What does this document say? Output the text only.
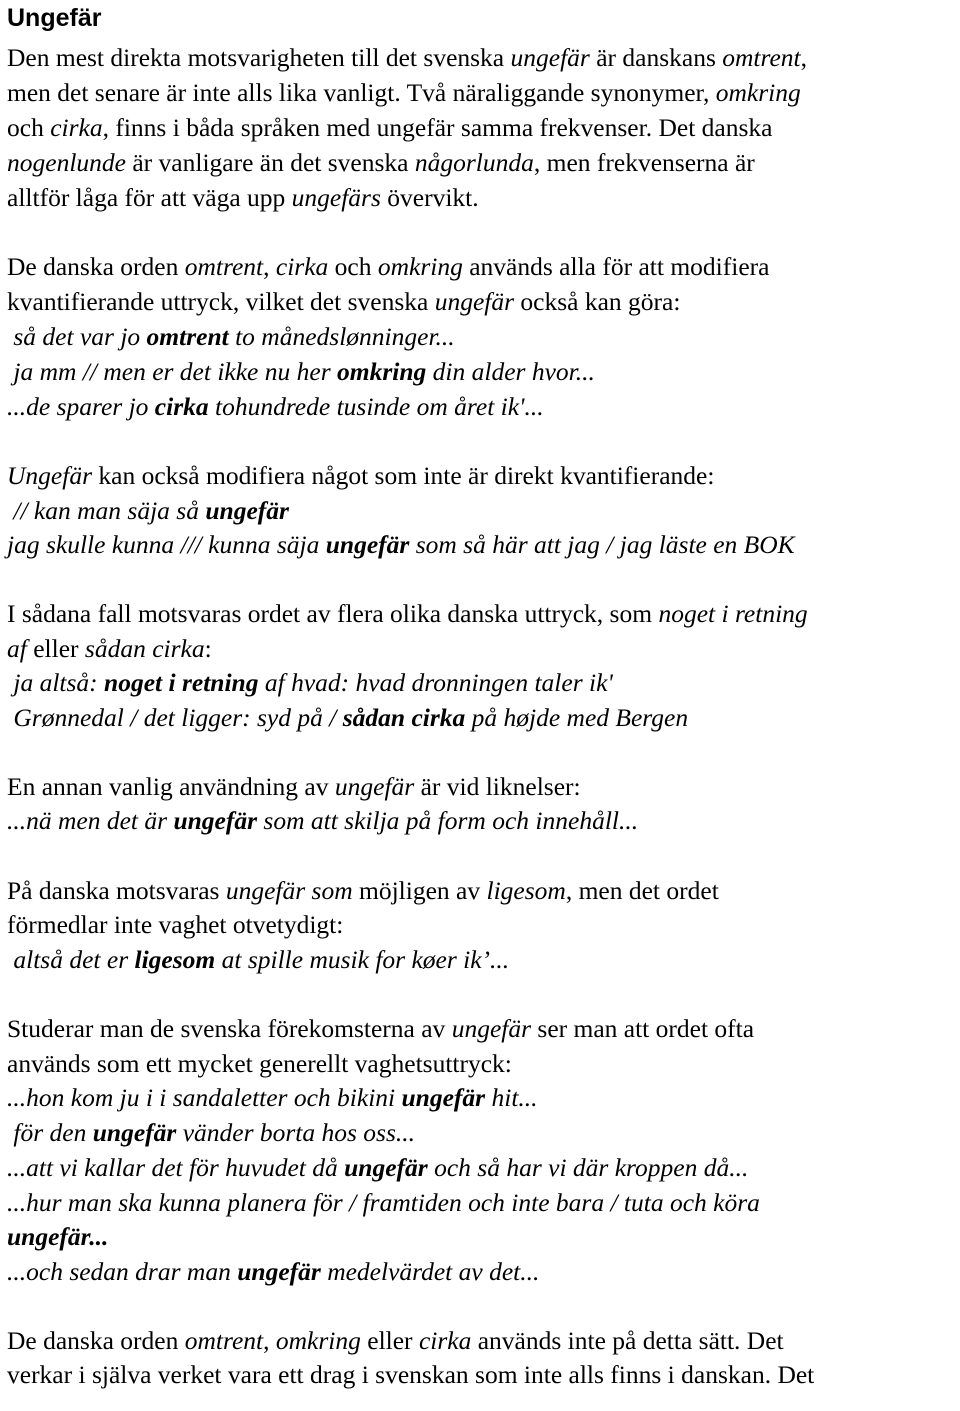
Ungefär
Den mest direkta motsvarigheten till det svenska ungefär är danskans omtrent,
men det senare är inte alls lika vanligt. Två näraliggande synonymer, omkring
och cirka, finns i båda språken med ungefär samma frekvenser. Det danska
nogenlunde är vanligare än det svenska någorlunda, men frekvenserna är
alltför låga för att väga upp ungefärs övervikt.
De danska orden omtrent, cirka och omkring används alla för att modifiera
kvantifierande uttryck, vilket det svenska ungefär också kan göra:
så det var jo omtrent to månedslønninger...
ja mm // men er det ikke nu her omkring din alder hvor...
...de sparer jo cirka tohundrede tusinde om året ik'...
Ungefär kan också modifiera något som inte är direkt kvantifierande:
// kan man säja så ungefär
jag skulle kunna /// kunna säja ungefär som så här att jag / jag läste en BOK
I sådana fall motsvaras ordet av flera olika danska uttryck, som noget i retning
af eller sådan cirka:
ja altså: noget i retning af hvad: hvad dronningen taler ik'
Grønnedal / det ligger: syd på / sådan cirka på højde med Bergen
En annan vanlig användning av ungefär är vid liknelser:
...nä men det är ungefär som att skilja på form och innehåll...
På danska motsvaras ungefär som möjligen av ligesom, men det ordet
förmedlar inte vaghet otvetydigt:
altså det er ligesom at spille musik for køer ik’...
Studerar man de svenska förekomsterna av ungefär ser man att ordet ofta
används som ett mycket generellt vaghetsuttryck:
...hon kom ju i i sandaletter och bikini ungefär hit...
för den ungefär vänder borta hos oss...
...att vi kallar det för huvudet då ungefär och så har vi där kroppen då...
...hur man ska kunna planera för / framtiden och inte bara / tuta och köra
ungefär...
...och sedan drar man ungefär medelvärdet av det...
De danska orden omtrent, omkring eller cirka används inte på detta sätt. Det
verkar i själva verket vara ett drag i svenskan som inte alls finns i danskan. Det
